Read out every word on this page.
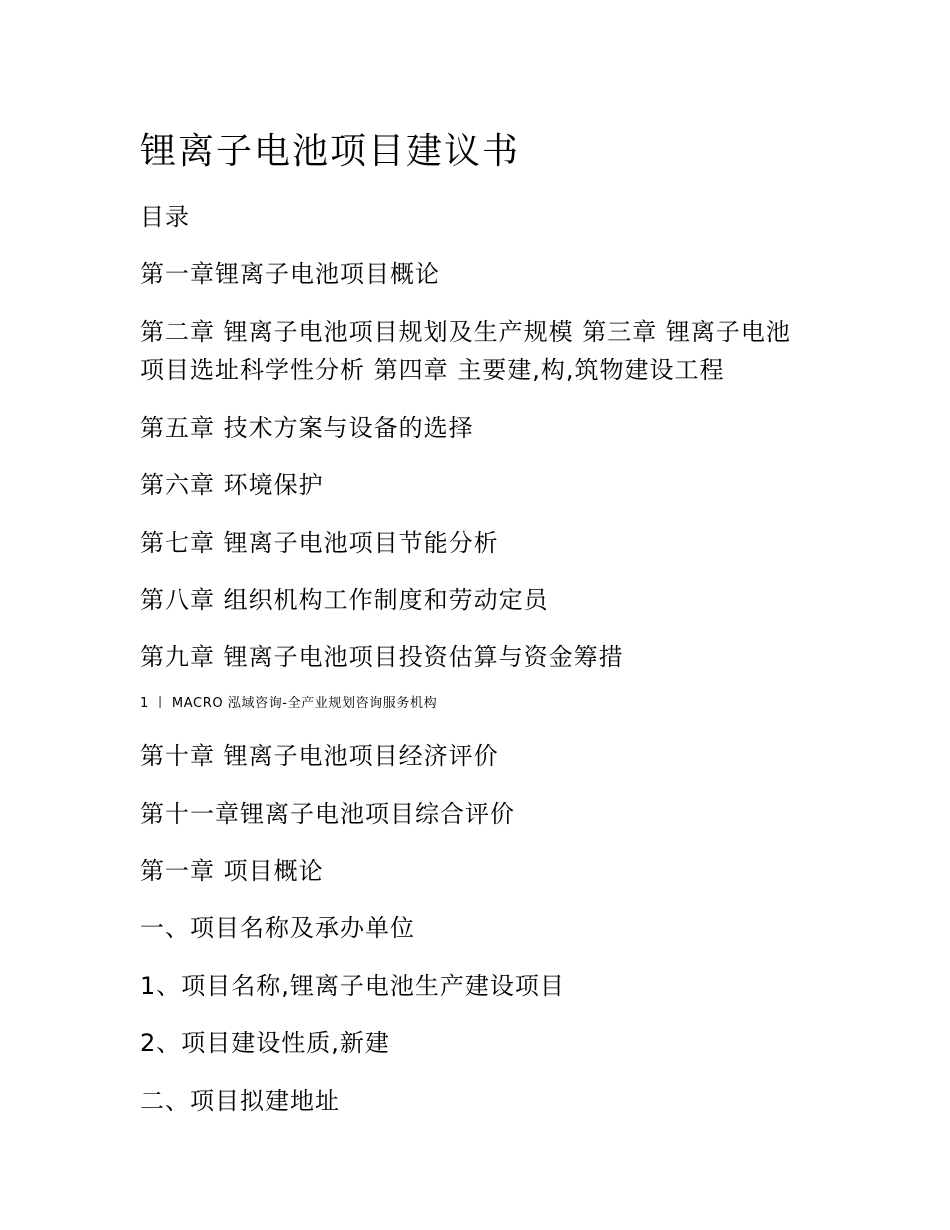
锂离子电池项目建议书
目录
第一章锂离子电池项目概论
第二章 锂离子电池项目规划及生产规模 第三章 锂离子电池项目选址科学性分析 第四章 主要建,构,筑物建设工程
第五章 技术方案与设备的选择
第六章 环境保护
第七章 锂离子电池项目节能分析
第八章 组织机构工作制度和劳动定员
第九章 锂离子电池项目投资估算与资金筹措
1 丨 MACRO 泓域咨询-全产业规划咨询服务机构
第十章 锂离子电池项目经济评价
第十一章锂离子电池项目综合评价
第一章 项目概论
一、项目名称及承办单位
1、项目名称,锂离子电池生产建设项目
2、项目建设性质,新建
二、项目拟建地址
